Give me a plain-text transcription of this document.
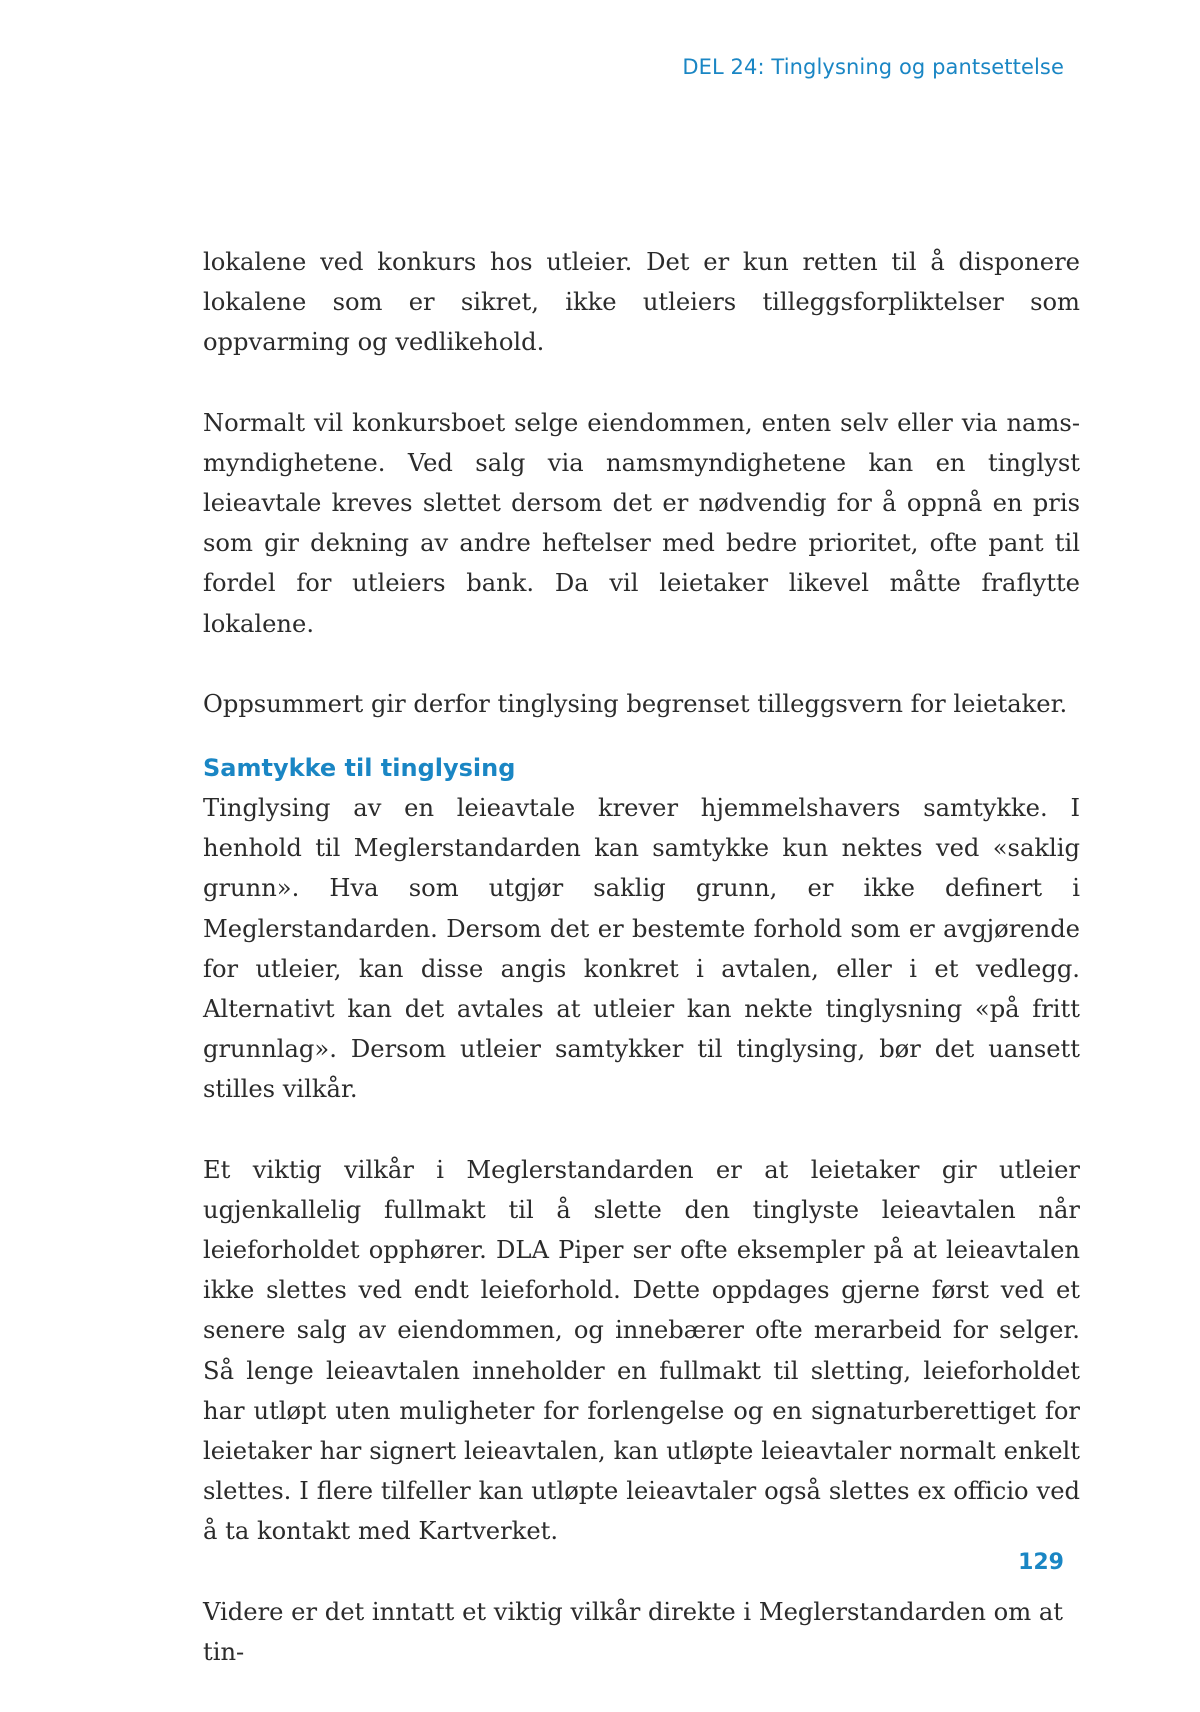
DEL 24: Tinglysning og pantsettelse

lokalene ved konkurs hos utleier. Det er kun retten til å disponere lokalene som er sikret, ikke utleiers tilleggsforpliktelser som oppvarming og vedlikehold.

Normalt vil konkursboet selge eiendommen, enten selv eller via namsmyndighetene. Ved salg via namsmyndighetene kan en tinglyst leieavtale kreves slettet dersom det er nødvendig for å oppnå en pris som gir dekning av andre heftelser med bedre prioritet, ofte pant til fordel for utleiers bank. Da vil leietaker likevel måtte fraflytte lokalene.

Oppsummert gir derfor tinglysing begrenset tilleggsvern for leietaker.

Samtykke til tinglysing

Tinglysing av en leieavtale krever hjemmelshavers samtykke. I henhold til Meglerstandarden kan samtykke kun nektes ved «saklig grunn». Hva som utgjør saklig grunn, er ikke definert i Meglerstandarden. Dersom det er bestemte forhold som er avgjørende for utleier, kan disse angis konkret i avtalen, eller i et vedlegg. Alternativt kan det avtales at utleier kan nekte tinglysning «på fritt grunnlag». Dersom utleier samtykker til tinglysing, bør det uansett stilles vilkår.

Et viktig vilkår i Meglerstandarden er at leietaker gir utleier ugjenkallelig fullmakt til å slette den tinglyste leieavtalen når leieforholdet opphører. DLA Piper ser ofte eksempler på at leieavtalen ikke slettes ved endt leieforhold. Dette oppdages gjerne først ved et senere salg av eiendommen, og innebærer ofte merarbeid for selger. Så lenge leieavtalen inneholder en fullmakt til sletting, leieforholdet har utløpt uten muligheter for forlengelse og en signaturberettiget for leietaker har signert leieavtalen, kan utløpte leieavtaler normalt enkelt slettes. I flere tilfeller kan utløpte leieavtaler også slettes ex officio ved å ta kontakt med Kartverket.

Videre er det inntatt et viktig vilkår direkte i Meglerstandarden om at tin-

129
